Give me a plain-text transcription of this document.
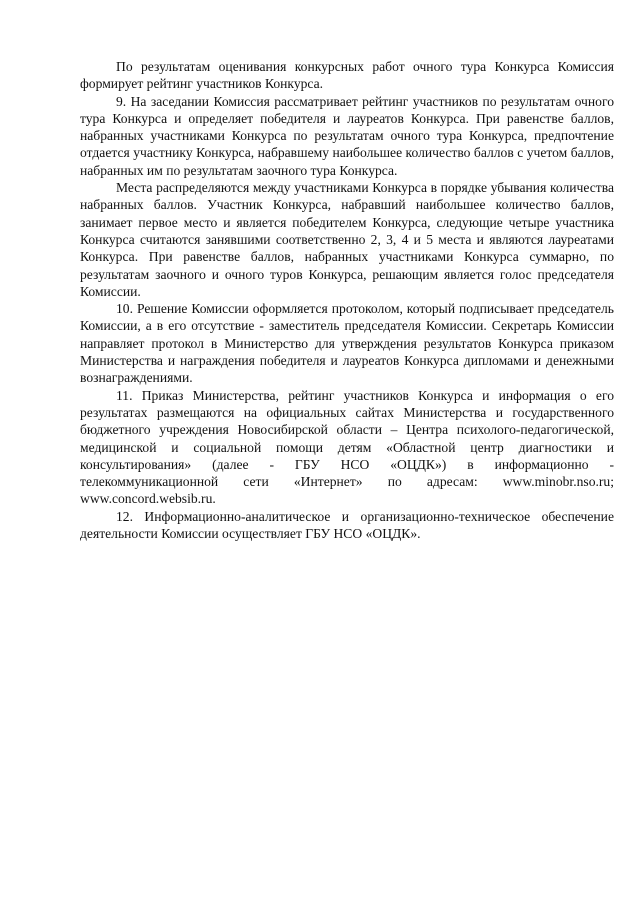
По результатам оценивания конкурсных работ очного тура Конкурса Комиссия формирует рейтинг участников Конкурса.

9. На заседании Комиссия рассматривает рейтинг участников по результатам очного тура Конкурса и определяет победителя и лауреатов Конкурса. При равенстве баллов, набранных участниками Конкурса по результатам очного тура Конкурса, предпочтение отдается участнику Конкурса, набравшему наибольшее количество баллов с учетом баллов, набранных им по результатам заочного тура Конкурса.

Места распределяются между участниками Конкурса в порядке убывания количества набранных баллов. Участник Конкурса, набравший наибольшее количество баллов, занимает первое место и является победителем Конкурса, следующие четыре участника Конкурса считаются занявшими соответственно 2, 3, 4 и 5 места и являются лауреатами Конкурса. При равенстве баллов, набранных участниками Конкурса суммарно, по результатам заочного и очного туров Конкурса, решающим является голос председателя Комиссии.

10. Решение Комиссии оформляется протоколом, который подписывает председатель Комиссии, а в его отсутствие - заместитель председателя Комиссии. Секретарь Комиссии направляет протокол в Министерство для утверждения результатов Конкурса приказом Министерства и награждения победителя и лауреатов Конкурса дипломами и денежными вознаграждениями.

11. Приказ Министерства, рейтинг участников Конкурса и информация о его результатах размещаются на официальных сайтах Министерства и государственного бюджетного учреждения Новосибирской области – Центра психолого-педагогической, медицинской и социальной помощи детям «Областной центр диагностики и консультирования» (далее - ГБУ НСО «ОЦДК») в информационно - телекоммуникационной сети «Интернет» по адресам: www.minobr.nso.ru; www.concord.websib.ru.

12. Информационно-аналитическое и организационно-техническое обеспечение деятельности Комиссии осуществляет ГБУ НСО «ОЦДК».
